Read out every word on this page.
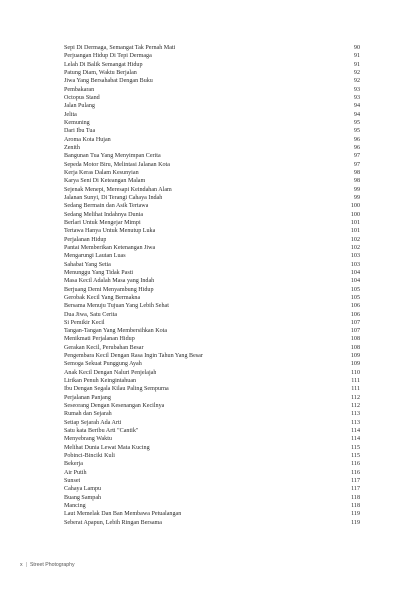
Sepi Di Dermaga, Semangat Tak Pernah Mati	90
Perjuangan Hidup Di Tepi Dermaga	91
Lelah Di Balik Semangat Hidup	91
Patung Diam, Waktu Berjalan	92
Jiwa Yang Bersahabat Dengan Buku	92
Pembakaran	93
Octopus Stand	93
Jalan Pulang	94
Jelita	94
Kemuning	95
Dari Ibu Tua	95
Aroma Kota Hujan	96
Zenith	96
Bangunan Tua Yang Menyimpan Cerita	97
Sepeda Motor Biru, Melintasi Jalanan Kota	97
Kerja Keras Dalam Kesunyian	98
Karya Seni Di Keteangan Malam	98
Sejenak Menepi, Meresapi Keindahan Alam	99
Jalanan Sunyi, Di Terangi Cahaya Indah	99
Sedang Bermain dan Asik Tertawa	100
Sedang Melihat Indahnya Dunia	100
Berlari Untuk Mengejar Mimpi	101
Tertawa Hanya Untuk Menutup Luka	101
Perjalanan Hidup	102
Pantai Memberikan Ketenangan Jiwa	102
Mengarungi Lautan Luas	103
Sahabat Yang Setia	103
Menunggu Yang Tidak Pasti	104
Masa Kecil Adalah Masa yang Indah	104
Berjuang Demi Menyambung Hidup	105
Gerobak Kecil Yang Bermakna	105
Bersama Menuju Tujuan Yang Lebih Sehat	106
Dua Jiwa, Satu Cerita	106
Si Pemikir Kecil	107
Tangan-Tangan Yang Membersihkan Kota	107
Menikmati Perjalanan Hidup	108
Gerakan Kecil, Perubahan Besar	108
Pengembara Kecil Dengan Rasa Ingin Tahun Yang Besar	109
Semoga Sekuat Punggung Ayah	109
Anak Kecil Dengan Naluri Penjelajah	110
Lirikan Penuh Keingintahuan	111
Ibu Dengan Segala Kilau Paling Sempurna	111
Perjalanan Panjang	112
Seseorang Dengan Kesenangan Kecilnya	112
Rumah dan Sejarah	113
Setiap Sejarah Ada Arti	113
Satu kata Beribu Arti "Cantik"	114
Menyebrang Waktu	114
Melihat Dunia Lewat Mata Kucing	115
Pobinci-Binciki Kuli	115
Bekerja	116
Air Putih	116
Sunset	117
Cahaya Lampu	117
Buang Sampah	118
Mancing	118
Laut Memelak Dan Ban Membawa Petualangan	119
Seberat Apapun, Lebih Ringan Bersama	119
x | Street Photography
